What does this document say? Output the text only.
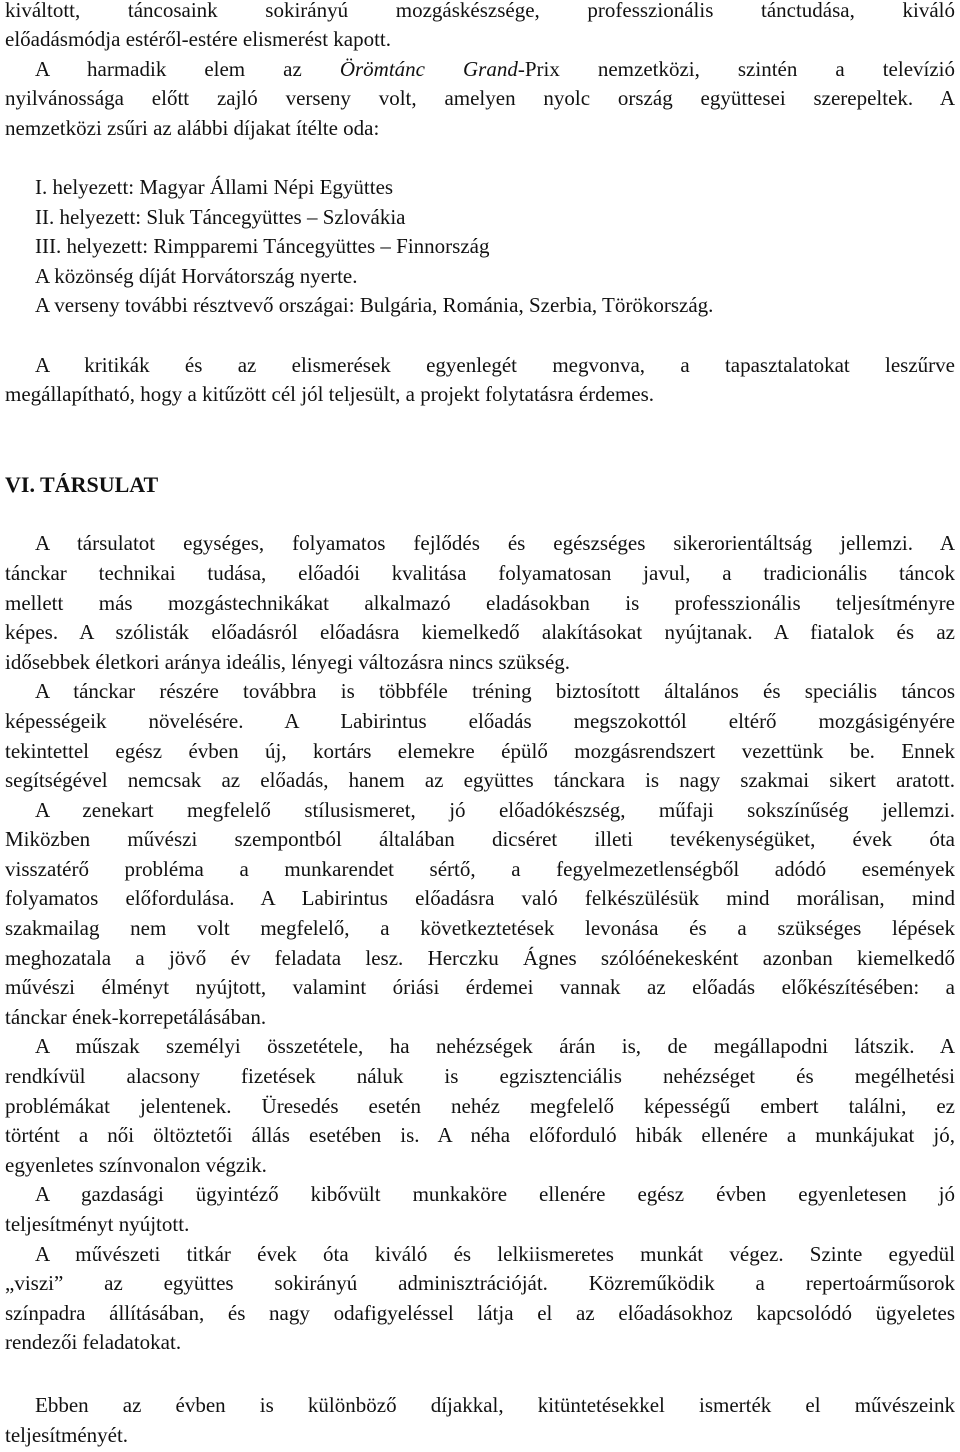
kiváltott, táncosaink sokirányú mozgáskészsége, professzionális tánctudása, kiváló
előadásmódja estéről-estére elismerést kapott.
A harmadik elem az Örömtánc Grand-Prix nemzetközi, szintén a televízió
nyilvánossága előtt zajló verseny volt, amelyen nyolc ország együttesei szerepeltek. A
nemzetközi zsűri az alábbi díjakat ítélte oda:
I. helyezett: Magyar Állami Népi Együttes
II. helyezett: Sluk Táncegyüttes – Szlovákia
III. helyezett: Rimpparemi Táncegyüttes – Finnország
A közönség díját Horvátország nyerte.
A verseny további résztvevő országai: Bulgária, Románia, Szerbia, Törökország.
A kritikák és az elismerések egyenlegét megvonva, a tapasztalatokat leszűrve
megállapítható, hogy a kitűzött cél jól teljesült, a projekt folytatásra érdemes.
VI. TÁRSULAT
A társulatot egységes, folyamatos fejlődés és egészséges sikerorientáltság jellemzi. A
tánckar technikai tudása, előadói kvalitása folyamatosan javul, a tradicionális táncok
mellett más mozgástechnikákat alkalmazó eladásokban is professzionális teljesítményre
képes. A szólisták előadásról előadásra kiemelkedő alakításokat nyújtanak. A fiatalok és az
idősebbek életkori aránya ideális, lényegi változásra nincs szükség.
A tánckar részére továbbra is többféle tréning biztosított általános és speciális táncos
képességeik növelésére. A Labirintus előadás megszokottól eltérő mozgásigényére
tekintettel egész évben új, kortárs elemekre épülő mozgásrendszert vezettünk be. Ennek
segítségével nemcsak az előadás, hanem az együttes tánckara is nagy szakmai sikert aratott.
A zenekart megfelelő stílusismeret, jó előadókészség, műfaji sokszínűség jellemzi.
Miközben művészi szempontból általában dicséret illeti tevékenységüket, évek óta
visszatérő probléma a munkarendet sértő, a fegyelmezetlenségből adódó események
folyamatos előfordulása. A Labirintus előadásra való felkészülésük mind morálisan, mind
szakmailag nem volt megfelelő, a következtetések levonása és a szükséges lépések
meghozatala a jövő év feladata lesz. Herczku Ágnes szólóénekesként azonban kiemelkedő
művészi élményt nyújtott, valamint óriási érdemei vannak az előadás előkészítésében: a
tánckar ének-korrepetálásában.
A műszak személyi összetétele, ha nehézségek árán is, de megállapodni látszik. A
rendkívül alacsony fizetések náluk is egzisztenciális nehézséget és megélhetési
problémákat jelentenek. Üresedés esetén nehéz megfelelő képességű embert találni, ez
történt a női öltöztetői állás esetében is. A néha előforduló hibák ellenére a munkájukat jó,
egyenletes színvonalon végzik.
A gazdasági ügyintéző kibővült munkaköre ellenére egész évben egyenletesen jó
teljesítményt nyújtott.
A művészeti titkár évek óta kiváló és lelkiismeretes munkát végez. Szinte egyedül
„viszi” az együttes sokirányú adminisztrációját. Közreműködik a repertoárműsorok
színpadra állításában, és nagy odafigyeléssel látja el az előadásokhoz kapcsolódó ügyeletes
rendezői feladatokat.
Ebben az évben is különböző díjakkal, kitüntetésekkel ismerték el művészeink
teljesítményét.
